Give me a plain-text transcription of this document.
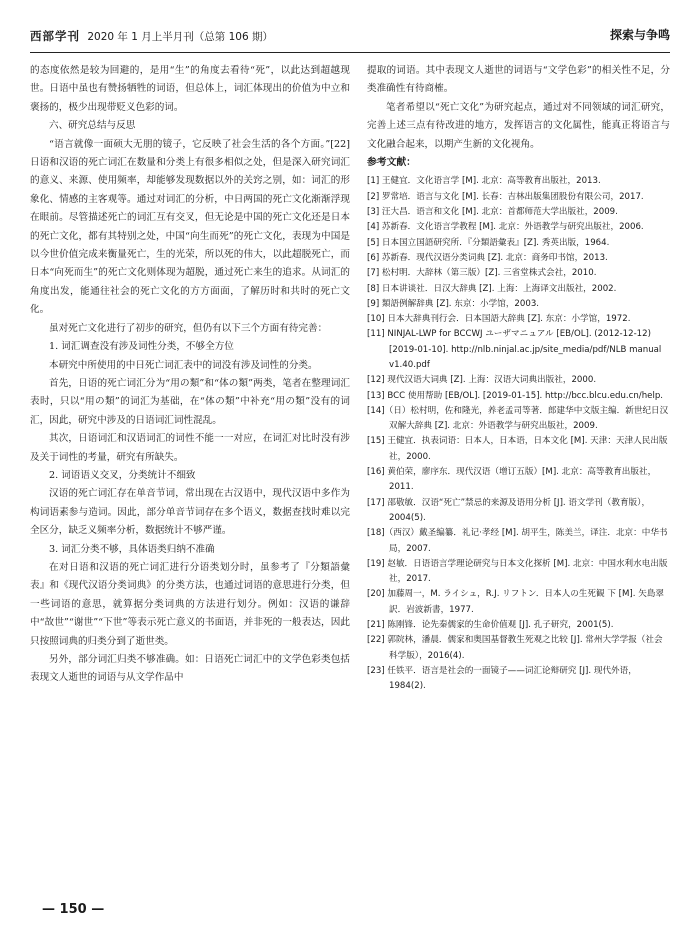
西部学刊 2020 年 1 月上半月刊（总第 106 期）	探索与争鸣

的态度依然是较为回避的，是用“生”的角度去看待“死”，以此达到超越现世。日语中虽也有赞扬牺牲的词语，但总体上，词汇体现出的价值为中立和褒扬的，极少出现带贬义色彩的词。

六、研究总结与反思

“语言就像一面硕大无朋的镜子，它反映了社会生活的各个方面。”[22] 日语和汉语的死亡词汇在数量和分类上有很多相似之处，但是深入研究词汇的意义、来源、使用频率，却能够发现数据以外的关窍之别，如：词汇的形象化、情感的主客观等。通过对词汇的分析，中日两国的死亡文化渐渐浮现在眼前。尽管描述死亡的词汇互有交叉，但无论是中国的死亡文化还是日本的死亡文化，都有其特别之处，中国“向生而死”的死亡文化，表现为中国是以今世价值完成来衡量死亡，生的光荣，所以死的伟大，以此超脱死亡，而日本“向死而生”的死亡文化则体现为超脱，通过死亡来生的追求。从词汇的角度出发，能通往社会的死亡文化的方方面面，了解历时和共时的死亡文化。

虽对死亡文化进行了初步的研究，但仍有以下三个方面有待完善：

1. 词汇调查没有涉及词性分类，不够全方位

本研究中所使用的中日死亡词汇表中的词没有涉及词性的分类。

首先，日语的死亡词汇分为“用の類”和“体の類”两类，笔者在整理词汇表时，只以“用の類”的词汇为基础，在“体の類”中补充“用の類”没有的词汇，因此，研究中涉及的日语词汇词性混乱。

其次，日语词汇和汉语词汇的词性不能一一对应，在词汇对比时没有涉及关于词性的考量，研究有所缺失。

2. 词语语义交叉，分类统计不细致

汉语的死亡词汇存在单音节词，常出现在古汉语中，现代汉语中多作为构词语素参与造词。因此，部分单音节词存在多个语义，数据查找时难以完全区分，缺乏义频率分析，数据统计不够严谨。

3. 词汇分类不够，具体语类归纳不准确

在对日语和汉语的死亡词汇进行分语类划分时，虽参考了『分類語彙表』和《现代汉语分类词典》的分类方法，也通过词语的意思进行分类，但一些词语的意思，就算据分类词典的方法进行划分。例如：汉语的谦辞中“故世”“谢世”“下世”等表示死亡意义的书面语，并非死的一般表达，因此只按照词典的归类分到了逝世类。

另外，部分词汇归类不够准确。如：日语死亡词汇中的文学色彩类包括表现文人逝世的词语与从文学作品中

提取的词语。其中表现文人逝世的词语与“文学色彩”的相关性不足，分类准确性有待商榷。

笔者希望以“死亡文化”为研究起点，通过对不同领域的词汇研究，完善上述三点有待改进的地方，发挥语言的文化属性，能真正将语言与文化融合起来，以期产生新的文化视角。

参考文献：

[1] 王健宜．文化语言学 [M]. 北京：高等教育出版社，2013.
[2] 罗常培．语言与文化 [M]. 长春：吉林出版集团股份有限公司，2017.
[3] 汪大昌．语言和文化 [M]. 北京：首都师范大学出版社，2009.
[4] 苏新春．文化语言学教程 [M]. 北京：外语教学与研究出版社，2006.
[5] 日本国立国語研究所．『分類語彙表』[Z]. 秀英出版，1964.
[6] 苏新春．现代汉语分类词典 [Z]. 北京：商务印书馆，2013.
[7] 松村明．大辞林（第三版）[Z]. 三省堂株式会社，2010.
[8] 日本讲谈社．日汉大辞典 [Z]. 上海：上海译文出版社，2002.
[9] 類語例解辞典 [Z]. 东京：小学馆，2003.
[10] 日本大辞典刊行会．日本国語大辞典 [Z]. 东京：小学馆，1972.
[11] NINJAL-LWP for BCCWJ ユーザマニュアル [EB/OL]. (2012-12-12) [2019-01-10]. http://nlb.ninjal.ac.jp/site_media/pdf/NLB manual v1.40.pdf
[12] 现代汉语大词典 [Z]. 上海：汉语大词典出版社，2000.
[13] BCC 使用帮助 [EB/OL]. [2019-01-15]. http://bcc.blcu.edu.cn/help.
[14]（日）松村明，佐和隆光，养老孟司等著．郎建华中文版主编．新世纪日汉双解大辞典 [Z]. 北京：外语教学与研究出版社，2009.
[15] 王健宜．执表词语：日本人，日本语，日本文化 [M]. 天津：天津人民出版社，2000.
[16] 黄伯荣，廖序东．现代汉语（增订五版）[M]. 北京：高等教育出版社，2011.
[17] 邵敬敏．汉语“死亡”禁忌的来源及语用分析 [J]. 语文学刊（教育版），2004(5).
[18]（西汉）戴圣编纂．礼记·孝经 [M]. 胡平生，陈美兰，译注．北京：中华书局，2007.
[19] 赵敏．日语语言学理论研究与日本文化探析 [M]. 北京：中国水利水电出版社，2017.
[20] 加藤周一，M. ライシュ，R.J. リフトン．日本人の生死観 下 [M]. 矢島翠訳．岩波新書，1977.
[21] 陈刚锋．论先秦儒家的生命价值观 [J]. 孔子研究，2001(5).
[22] 郭院林，潘晨．儒家和奥国基督教生死观之比较 [J]. 常州大学学报（社会科学版），2016(4).
[23] 任铁平．语言是社会的一面镜子——词汇论辩研究 [J]. 现代外语，1984(2).
— 150 —
